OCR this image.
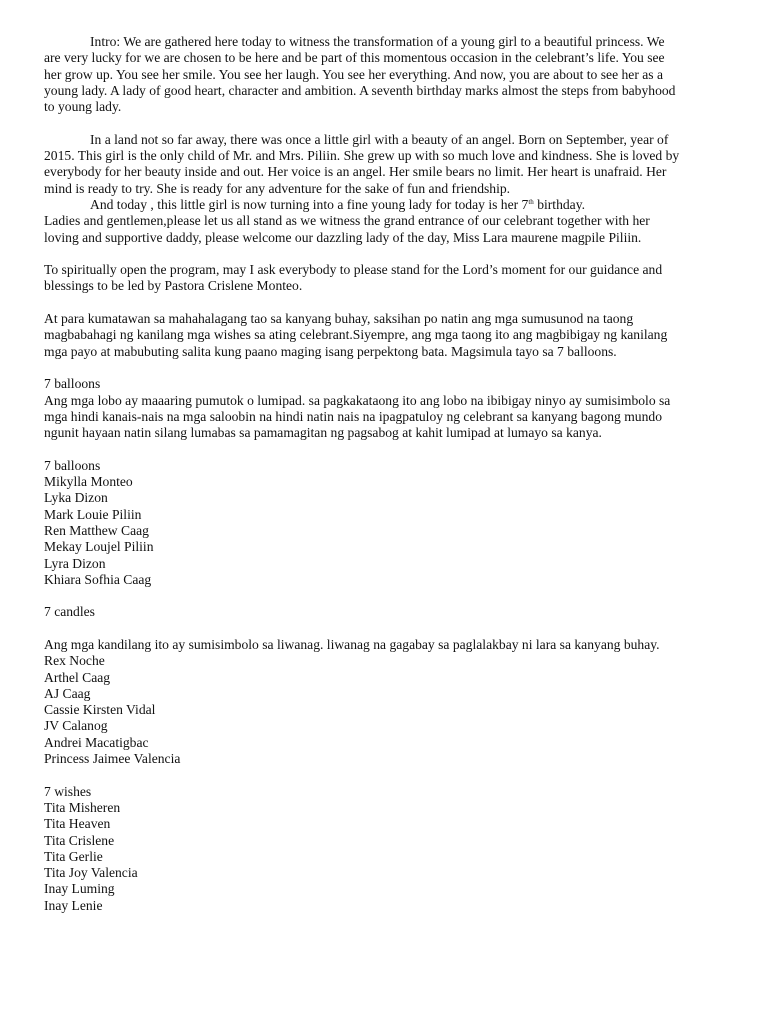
Intro: We are gathered here today to witness the transformation of a young girl to a beautiful princess. We are very lucky for we are chosen to be here and be part of this momentous occasion in the celebrant’s life. You see her grow up. You see her smile. You see her laugh. You see her everything. And now, you are about to see her as a young lady. A lady of good heart, character and ambition. A seventh birthday marks almost the steps from babyhood to young lady.

In a land not so far away, there was once a little girl with a beauty of an angel. Born on September, year of 2015. This girl is the only child of Mr. and Mrs. Piliin. She grew up with so much love and kindness. She is loved by everybody for her beauty inside and out. Her voice is an angel. Her smile bears no limit. Her heart is unafraid. Her mind is ready to try. She is ready for any adventure for the sake of fun and friendship.

And today , this little girl is now turning into a fine young lady for today is her 7th birthday.

Ladies and gentlemen,please let us all stand as we witness the grand entrance of our celebrant together with her loving and supportive daddy, please welcome our dazzling lady of the day, Miss Lara maurene magpile Piliin.

To spiritually open the program, may I ask everybody to please stand for the Lord’s moment for our guidance and blessings to be led by Pastora Crislene Monteo.

At para kumatawan sa mahahalagang tao sa kanyang buhay, saksihan po natin ang mga sumusunod na taong magbabahagi ng kanilang mga wishes sa ating celebrant.Siyempre, ang mga taong ito ang magbibigay ng kanilang mga payo at mabubuting salita kung paano maging isang perpektong bata. Magsimula tayo sa 7 balloons.

7 balloons

Ang mga lobo ay maaaring pumutok o lumipad. sa pagkakataong ito ang lobo na ibibigay ninyo ay sumisimbolo sa mga hindi kanais-nais na mga saloobin na hindi natin nais na ipagpatuloy ng celebrant sa kanyang bagong mundo ngunit hayaan natin silang lumabas sa pamamagitan ng pagsabog at kahit lumipad at lumayo sa kanya.

7 balloons

Mikylla Monteo
Lyka Dizon
Mark Louie Piliin
Ren Matthew Caag
Mekay Loujel Piliin
Lyra Dizon
Khiara Sofhia Caag

7 candles

Ang mga kandilang ito ay sumisimbolo sa liwanag. liwanag na gagabay sa paglalakbay ni lara sa kanyang buhay.

Rex Noche
Arthel Caag
AJ Caag
Cassie Kirsten Vidal
JV Calanog
Andrei Macatigbac
Princess Jaimee Valencia

7 wishes

Tita Misheren
Tita Heaven
Tita Crislene
Tita Gerlie
Tita Joy Valencia
Inay Luming
Inay Lenie
